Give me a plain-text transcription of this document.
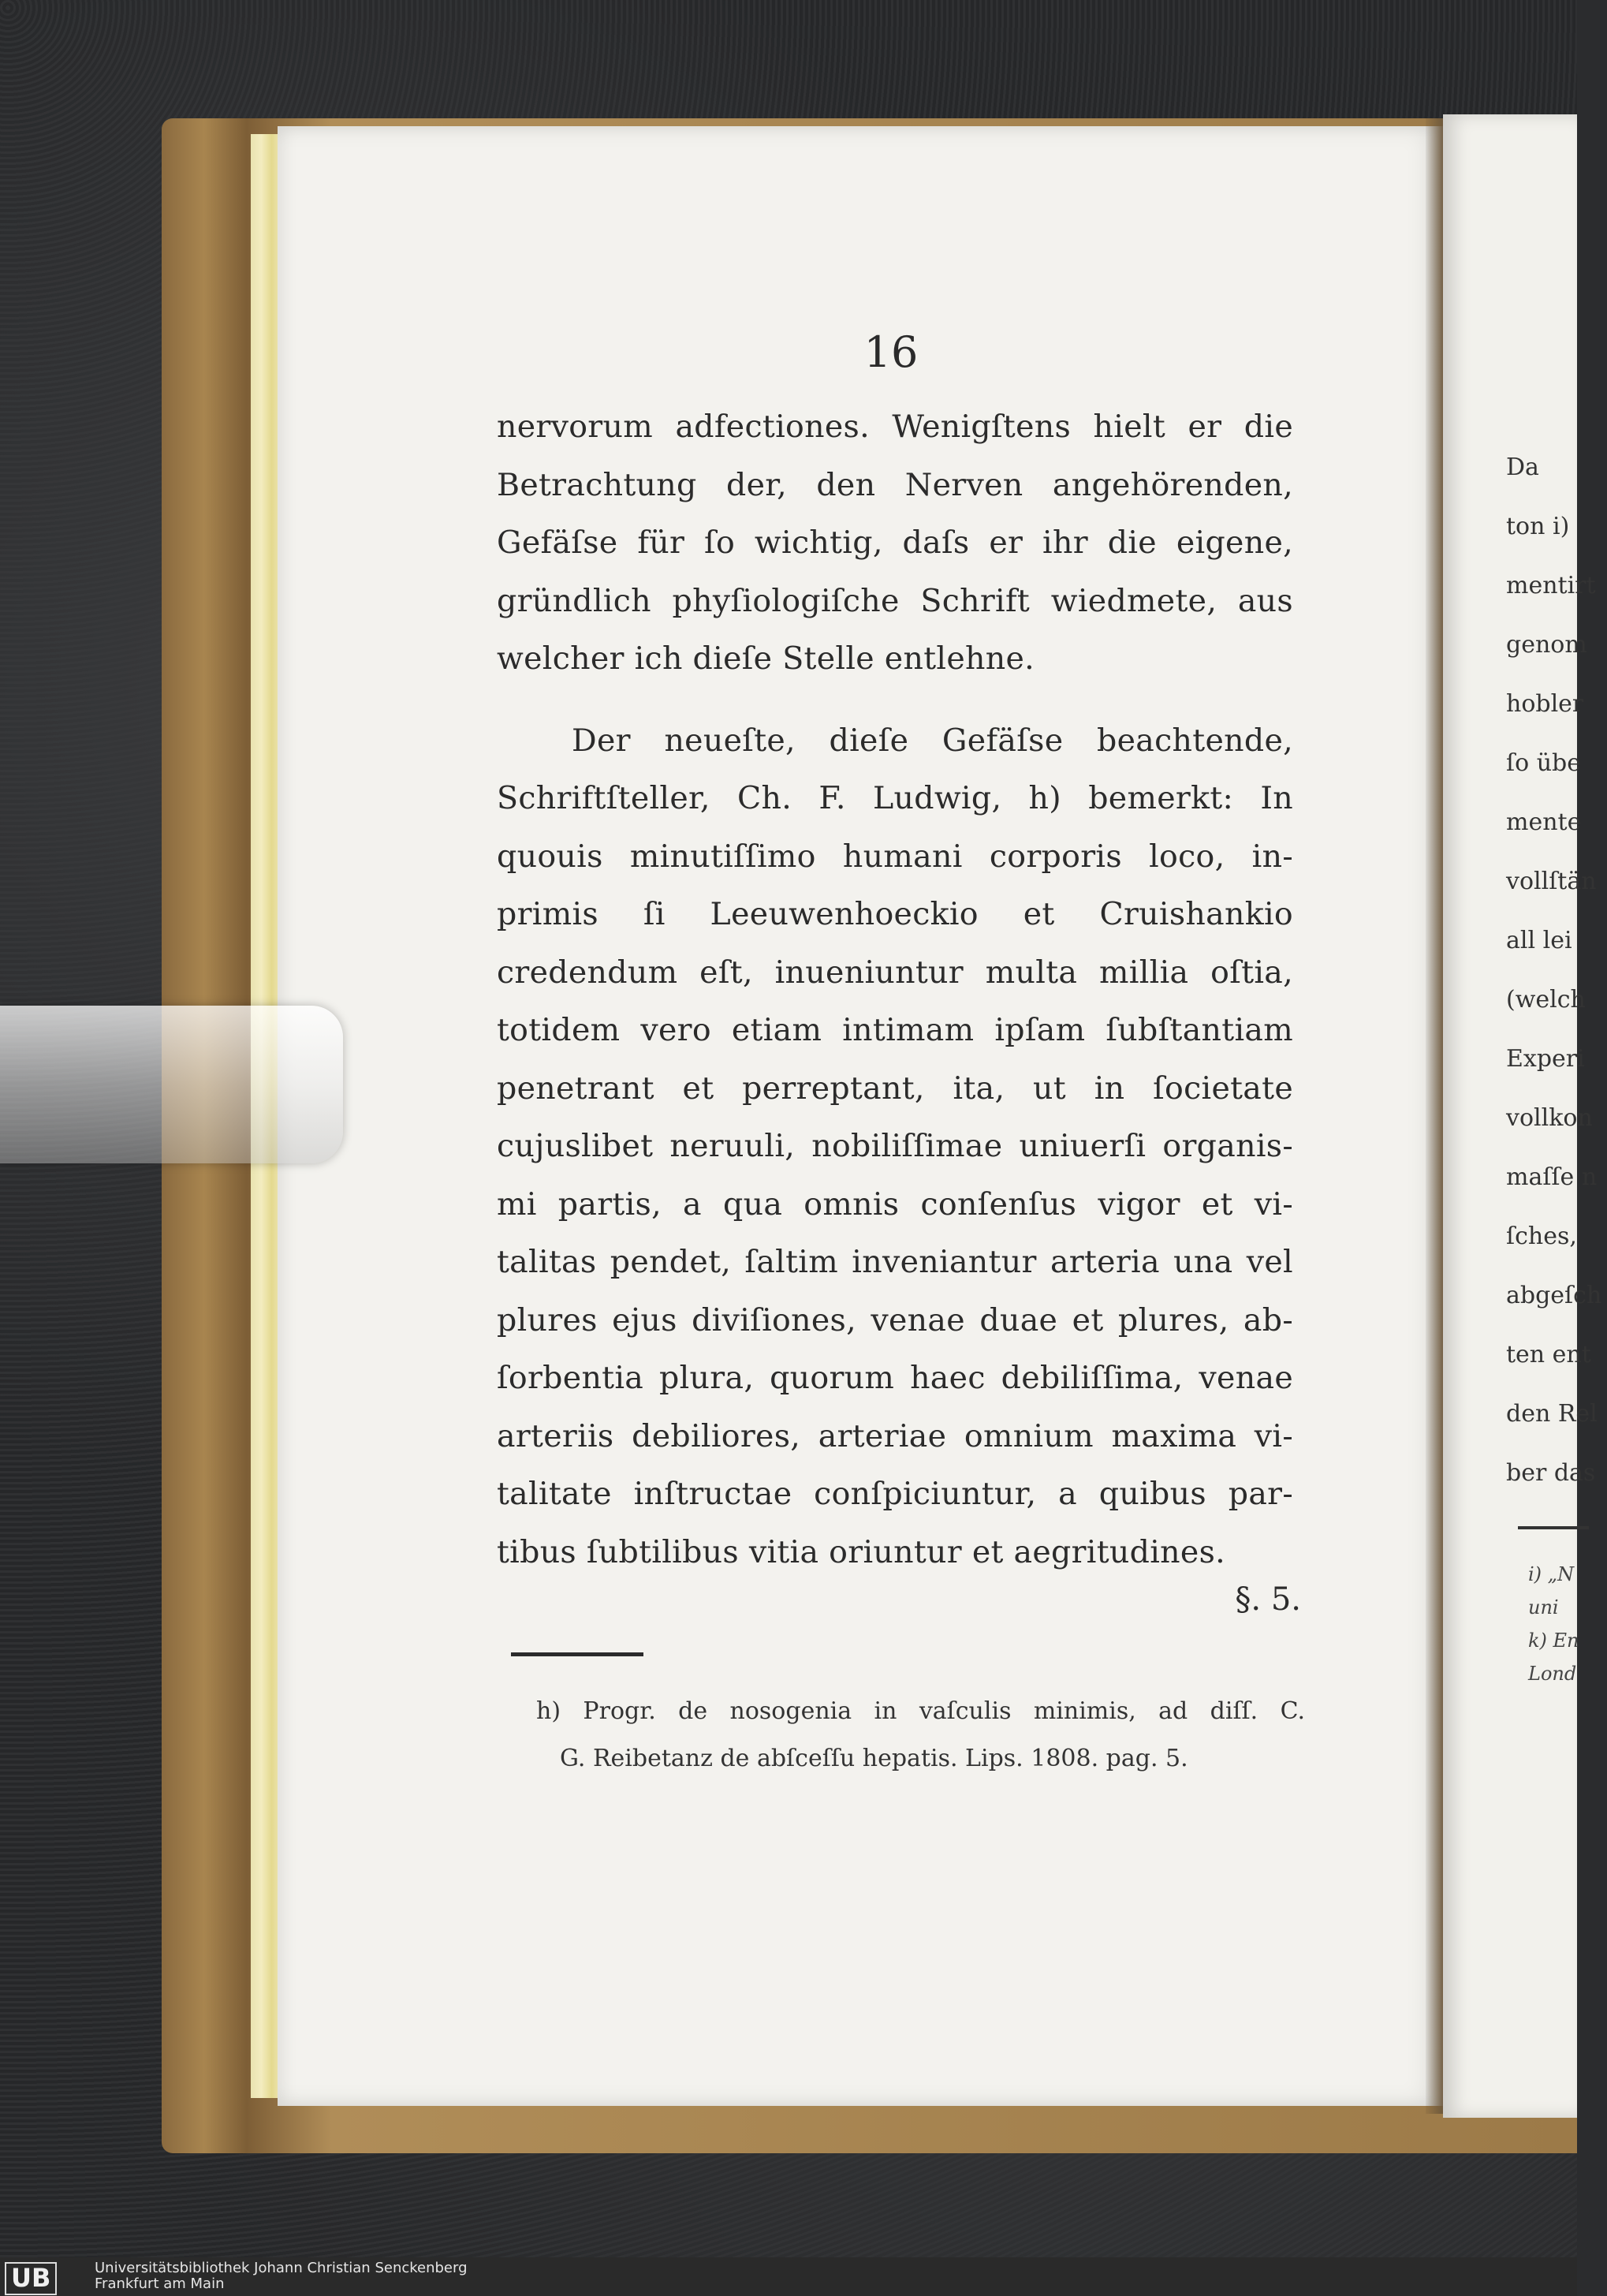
16
nervorum adfectiones. Wenigſtens hielt er die
Betrachtung der, den Nerven angehörenden,
Gefäſse für ſo wichtig, daſs er ihr die eigene,
gründlich phyſiologiſche Schrift wiedmete, aus
welcher ich dieſe Stelle entlehne.
Der neueſte, dieſe Gefäſse beachtende,
Schriftſteller, Ch. F. Ludwig, h) bemerkt: In
quouis minutiſſimo humani corporis loco, in-
primis ſi Leeuwenhoeckio et Cruishankio
credendum eſt, inueniuntur multa millia oſtia,
totidem vero etiam intimam ipſam ſubſtantiam
penetrant et perreptant, ita, ut in ſocietate
cujuslibet neruuli, nobiliſſimae uniuerſi organis-
mi partis, a qua omnis conſenſus vigor et vi-
talitas pendet, ſaltim inveniantur arteria una vel
plures ejus diviſiones, venae duae et plures, ab-
ſorbentia plura, quorum haec debiliſſima, venae
arteriis debiliores, arteriae omnium maxima vi-
talitate inſtructae conſpiciuntur, a quibus par-
tibus ſubtilibus vitia oriuntur et aegritudines.
§. 5.
h) Progr. de nosogenia in vaſculis minimis, ad diſſ. C.
G. Reibetanz de abſceſſu hepatis. Lips. 1808. pag. 5.
Da
ton i)
mentirt
genom
hobler
ſo übe
mente
vollſtän
all lei
(welch
Experi
vollkon
maſſe n
ſches,
abgeſch
ten ent
den Rel
ber das
i) „N
uni
k) En
Lond
UB	Universitätsbibliothek Johann Christian Senckenberg
Frankfurt am Main
